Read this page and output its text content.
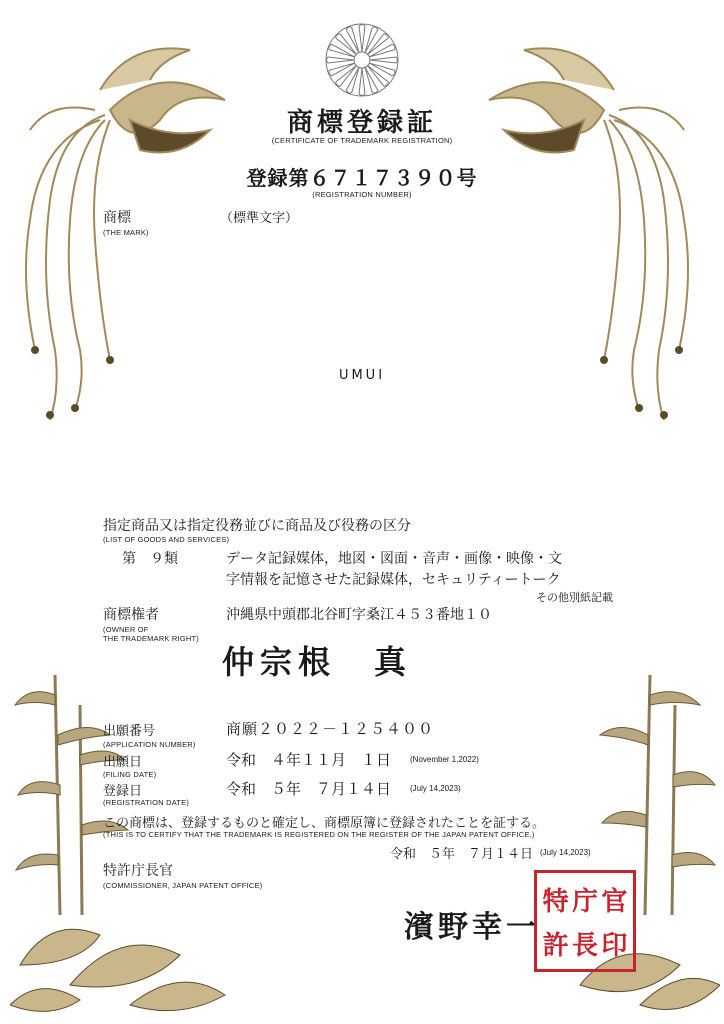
商標登録証
(CERTIFICATE OF TRADEMARK REGISTRATION)
登録第６７１７３９０号
(REGISTRATION NUMBER)
商標
(THE MARK)
（標準文字）
UMUI
指定商品又は指定役務並びに商品及び役務の区分
(LIST OF GOODS AND SERVICES)
第　９類	データ記録媒体，地図・図面・音声・画像・映像・文
字情報を記憶させた記録媒体，セキュリティートーク
その他別紙記載
商標権者
(OWNER OF
THE TRADEMARK RIGHT)
沖縄県中頭郡北谷町字桑江４５３番地１０
仲宗根　真
出願番号
(APPLICATION NUMBER)
商願２０２２－１２５４００
出願日
(FILING DATE)
令和　４年１１月　１日 (November 1,2022)
登録日
(REGISTRATION DATE)
令和　５年　７月１４日 (July 14,2023)
この商標は、登録するものと確定し、商標原簿に登録されたことを証する。
(THIS IS TO CERTIFY THAT THE TRADEMARK IS REGISTERED ON THE REGISTER OF THE JAPAN PATENT OFFICE.)
令和　５年　７月１４日 (July 14,2023)
特許庁長官
(COMMISSIONER, JAPAN PATENT OFFICE)
濱野幸一
特 庁 官
許 長 印
